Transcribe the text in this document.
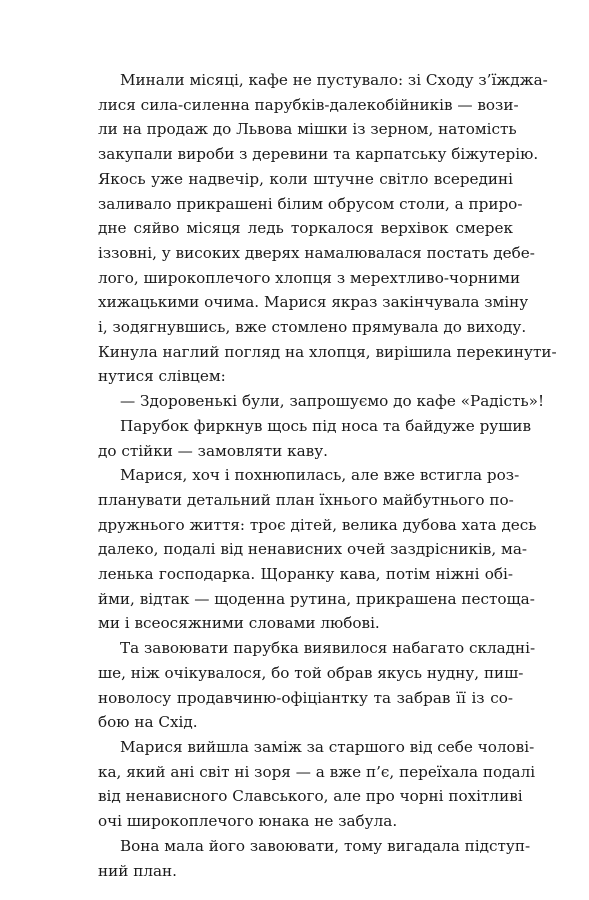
Минали місяці, кафе не пустувало: зі Сходу з’їжджа-
лися сила-силенна парубків-далекобійників — вози-
ли на продаж до Львова мішки із зерном, натомість
закупали вироби з деревини та карпатську біжутерію.
Якось уже надвечір, коли штучне світло всередині
заливало прикрашені білим обрусом столи, а приро-
дне сяйво місяця ледь торкалося верхівок смерек
іззовні, у високих дверях намалювалася постать дебе-
лого, широкоплечого хлопця з мерехтливо-чорними
хижацькими очима. Марися якраз закінчувала зміну
і, зодягнувшись, вже стомлено прямувала до виходу.
Кинула наглий погляд на хлопця, вирішила перекинути-
нутися слівцем:

— Здоровенькі були, запрошуємо до кафе «Радість»!

Парубок фиркнув щось під носа та байдуже рушив
до стійки — замовляти каву.

Марися, хоч і похнюпилась, але вже встигла роз-
планувати детальний план їхнього майбутнього по-
дружнього життя: троє дітей, велика дубова хата десь
далеко, подалі від ненависних очей заздрісників, ма-
ленька господарка. Щоранку кава, потім ніжні обі-
йми, відтак — щоденна рутина, прикрашена пестоща-
ми і всеосяжними словами любові.

Та завоювати парубка виявилося набагато складні-
ше, ніж очікувалося, бо той обрав якусь нудну, пиш-
новолосу продавчиню-офіціантку та забрав її із со-
бою на Схід.

Марися вийшла заміж за старшого від себе чолові-
ка, який ані світ ні зоря — а вже п’є, переїхала подалі
від ненависного Славського, але про чорні похітливі
очі широкоплечого юнака не забула.

Вона мала його завоювати, тому вигадала підступ-
ний план.
